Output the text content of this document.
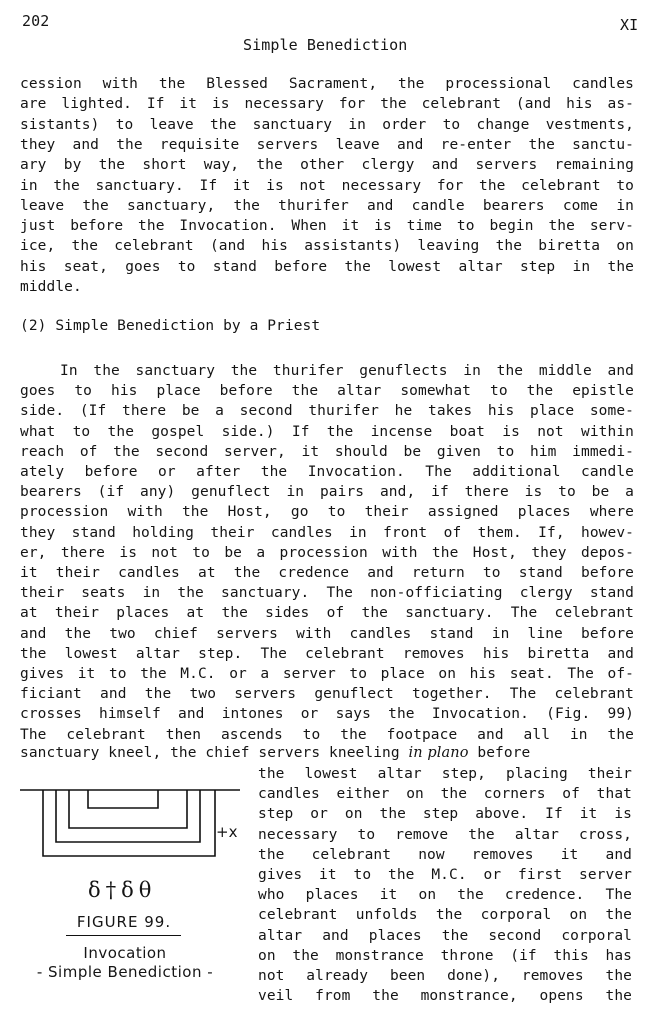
202	XI
Simple Benediction
cession with the Blessed Sacrament, the processional candles
are lighted. If it is necessary for the celebrant (and his as-
sistants) to leave the sanctuary in order to change vestments,
they and the requisite servers leave and re-enter the sanctu-
ary by the short way, the other clergy and servers remaining
in the sanctuary. If it is not necessary for the celebrant to
leave the sanctuary, the thurifer and candle bearers come in
just before the Invocation. When it is time to begin the serv-
ice, the celebrant (and his assistants) leaving the biretta on
his seat, goes to stand before the lowest altar step in the
middle.
(2) Simple Benediction by a Priest
In the sanctuary the thurifer genuflects in the middle and
goes to his place before the altar somewhat to the epistle
side. (If there be a second thurifer he takes his place some-
what to the gospel side.) If the incense boat is not within
reach of the second server, it should be given to him immedi-
ately before or after the Invocation. The additional candle
bearers (if any) genuflect in pairs and, if there is to be a
procession with the Host, go to their assigned places where
they stand holding their candles in front of them. If, howev-
er, there is not to be a procession with the Host, they depos-
it their candles at the credence and return to stand before
their seats in the sanctuary. The non-officiating clergy stand
at their places at the sides of the sanctuary. The celebrant
and the two chief servers with candles stand in line before
the lowest altar step. The celebrant removes his biretta and
gives it to the M.C. or a server to place on his seat. The of-
ficiant and the two servers genuflect together. The celebrant
crosses himself and intones or says the Invocation. (Fig. 99)
The celebrant then ascends to the footpace and all in the
sanctuary kneel, the chief servers kneeling in plano before
the lowest altar step, placing their
candles either on the corners of that
step or on the step above. If it is
necessary to remove the altar cross,
the celebrant now removes it and
gives it to the M.C. or first server
who places it on the credence. The
celebrant unfolds the corporal on the
altar and places the second corporal
on the monstrance throne (if this has
not already been done), removes the
veil from the monstrance, opens the
+x
δ†δθ
FIGURE 99.
Invocation
- Simple Benediction -
